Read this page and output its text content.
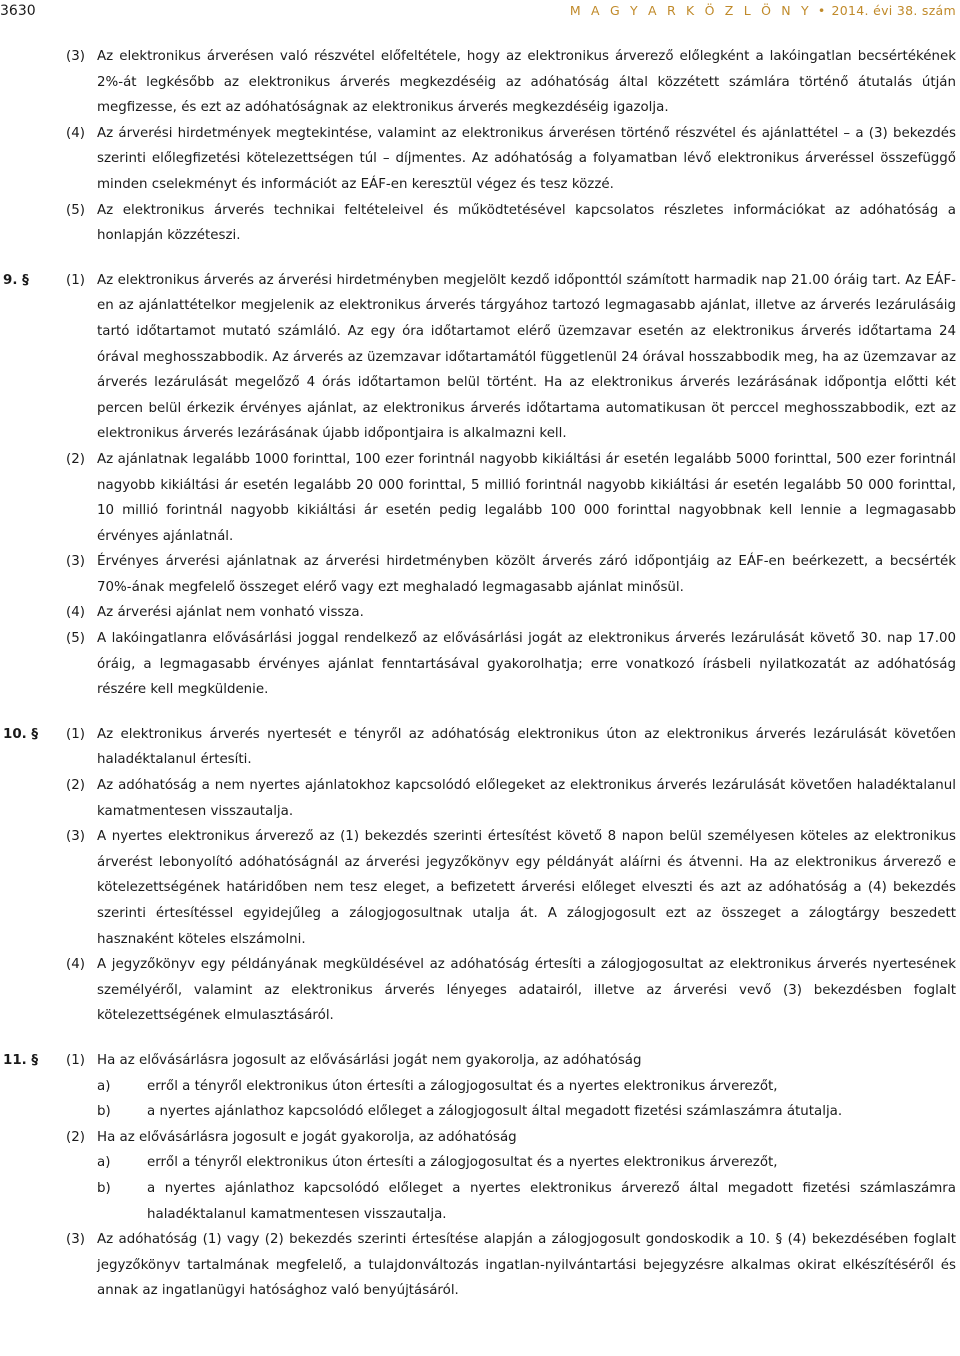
3630	M A G Y A R K Ö Z L Ö N Y • 2014. évi 38. szám
(3) Az elektronikus árverésen való részvétel előfeltétele, hogy az elektronikus árverező előlegként a lakóingatlan becsértékének 2%-át legkésőbb az elektronikus árverés megkezdéséig az adóhatóság által közzétett számlára történő átutalás útján megfizesse, és ezt az adóhatóságnak az elektronikus árverés megkezdéséig igazolja.
(4) Az árverési hirdetmények megtekintése, valamint az elektronikus árverésen történő részvétel és ajánlattétel – a (3) bekezdés szerinti előlegfizetési kötelezettségen túl – díjmentes. Az adóhatóság a folyamatban lévő elektronikus árveréssel összefüggő minden cselekményt és információt az EÁF-en keresztül végez és tesz közzé.
(5) Az elektronikus árverés technikai feltételeivel és működtetésével kapcsolatos részletes információkat az adóhatóság a honlapján közzéteszi.
9. §	(1) Az elektronikus árverés az árverési hirdetményben megjelölt kezdő időponttól számított harmadik nap 21.00 óráig tart. Az EÁF-en az ajánlattételkor megjelenik az elektronikus árverés tárgyához tartozó legmagasabb ajánlat, illetve az árverés lezárulásáig tartó időtartamot mutató számláló. Az egy óra időtartamot elérő üzemzavar esetén az elektronikus árverés időtartama 24 órával meghosszabbodik. Az árverés az üzemzavar időtartamától függetlenül 24 órával hosszabbodik meg, ha az üzemzavar az árverés lezárulását megelőző 4 órás időtartamon belül történt. Ha az elektronikus árverés lezárásának időpontja előtti két percen belül érkezik érvényes ajánlat, az elektronikus árverés időtartama automatikusan öt perccel meghosszabbodik, ezt az elektronikus árverés lezárásának újabb időpontjaira is alkalmazni kell.
(2) Az ajánlatnak legalább 1000 forinttal, 100 ezer forintnál nagyobb kikiáltási ár esetén legalább 5000 forinttal, 500 ezer forintnál nagyobb kikiáltási ár esetén legalább 20 000 forinttal, 5 millió forintnál nagyobb kikiáltási ár esetén legalább 50 000 forinttal, 10 millió forintnál nagyobb kikiáltási ár esetén pedig legalább 100 000 forinttal nagyobbnak kell lennie a legmagasabb érvényes ajánlatnál.
(3) Érvényes árverési ajánlatnak az árverési hirdetményben közölt árverés záró időpontjáig az EÁF-en beérkezett, a becsérték 70%-ának megfelelő összeget elérő vagy ezt meghaladó legmagasabb ajánlat minősül.
(4) Az árverési ajánlat nem vonható vissza.
(5) A lakóingatlanra elővásárlási joggal rendelkező az elővásárlási jogát az elektronikus árverés lezárulását követő 30. nap 17.00 óráig, a legmagasabb érvényes ajánlat fenntartásával gyakorolhatja; erre vonatkozó írásbeli nyilatkozatát az adóhatóság részére kell megküldenie.
10. §	(1) Az elektronikus árverés nyertesét e tényről az adóhatóság elektronikus úton az elektronikus árverés lezárulását követően haladéktalanul értesíti.
(2) Az adóhatóság a nem nyertes ajánlatokhoz kapcsolódó előlegeket az elektronikus árverés lezárulását követően haladéktalanul kamatmentesen visszautalja.
(3) A nyertes elektronikus árverező az (1) bekezdés szerinti értesítést követő 8 napon belül személyesen köteles az elektronikus árverést lebonyolító adóhatóságnál az árverési jegyzőkönyv egy példányát aláírni és átvenni. Ha az elektronikus árverező e kötelezettségének határidőben nem tesz eleget, a befizetett árverési előleget elveszti és azt az adóhatóság a (4) bekezdés szerinti értesítéssel egyidejűleg a zálogjogosultnak utalja át. A zálogjogosult ezt az összeget a zálogtárgy beszedett hasznaként köteles elszámolni.
(4) A jegyzőkönyv egy példányának megküldésével az adóhatóság értesíti a zálogjogosultat az elektronikus árverés nyertesének személyéről, valamint az elektronikus árverés lényeges adatairól, illetve az árverési vevő (3) bekezdésben foglalt kötelezettségének elmulasztásáról.
11. §	(1) Ha az elővásárlásra jogosult az elővásárlási jogát nem gyakorolja, az adóhatóság
a)	erről a tényről elektronikus úton értesíti a zálogjogosultat és a nyertes elektronikus árverezőt,
b)	a nyertes ajánlathoz kapcsolódó előleget a zálogjogosult által megadott fizetési számlaszámra átutalja.
(2) Ha az elővásárlásra jogosult e jogát gyakorolja, az adóhatóság
a)	erről a tényről elektronikus úton értesíti a zálogjogosultat és a nyertes elektronikus árverezőt,
b)	a nyertes ajánlathoz kapcsolódó előleget a nyertes elektronikus árverező által megadott fizetési számlaszámra haladéktalanul kamatmentesen visszautalja.
(3) Az adóhatóság (1) vagy (2) bekezdés szerinti értesítése alapján a zálogjogosult gondoskodik a 10. § (4) bekezdésében foglalt jegyzőkönyv tartalmának megfelelő, a tulajdonváltozás ingatlan-nyilvántartási bejegyzésre alkalmas okirat elkészítéséről és annak az ingatlanügyi hatósághoz való benyújtásáról.
